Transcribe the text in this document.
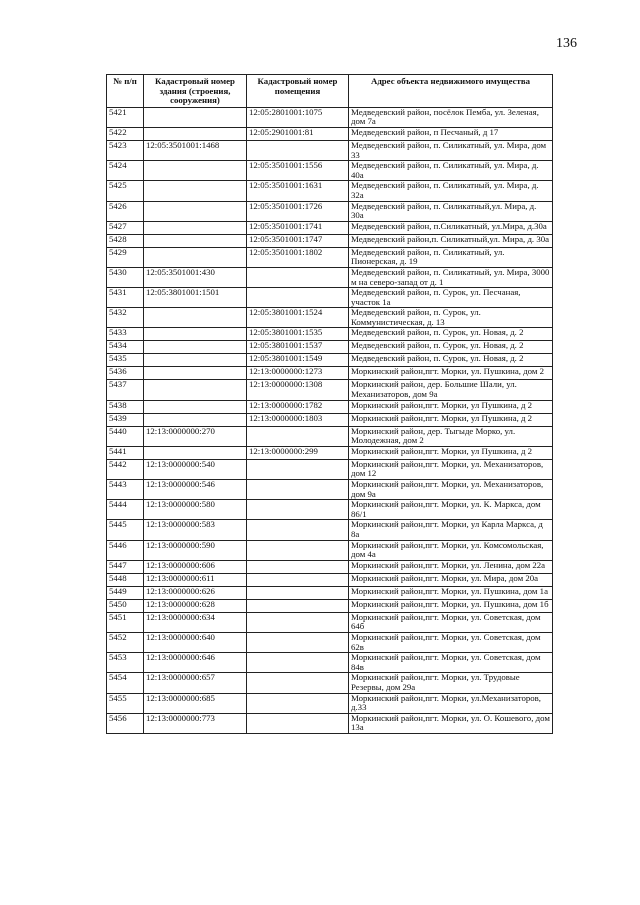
136
№ п/п	Кадастровый номер здания (строения, сооружения)	Кадастровый номер помещения	Адрес объекта недвижимого имущества
5421		12:05:2801001:1075	Медведевский район, посёлок Пемба, ул. Зеленая, дом 7а
5422		12:05:2901001:81	Медведевский район, п Песчаный, д 17
5423	12:05:3501001:1468		Медведевский район, п. Силикатный, ул. Мира, дом 33
5424		12:05:3501001:1556	Медведевский район, п. Силикатный, ул. Мира, д. 40а
5425		12:05:3501001:1631	Медведевский район, п. Силикатный, ул. Мира, д. 32а
5426		12:05:3501001:1726	Медведевский район, п. Силикатный,ул. Мира, д. 30а
5427		12:05:3501001:1741	Медведевский район, п.Силикатный, ул.Мира, д.30а
5428		12:05:3501001:1747	Медведевский район,п. Силикатный,ул. Мира, д. 30а
5429		12:05:3501001:1802	Медведевский район, п. Силикатный, ул. Пионерская, д. 19
5430	12:05:3501001:430		Медведевский район, п. Силикатный, ул. Мира, 3000 м на северо-запад от д. 1
5431	12:05:3801001:1501		Медведевский район, п. Сурок, ул. Песчаная, участок 1а
5432		12:05:3801001:1524	Медведевский район, п. Сурок, ул. Коммунистическая, д. 13
5433		12:05:3801001:1535	Медведевский район, п. Сурок, ул. Новая, д. 2
5434		12:05:3801001:1537	Медведевский район, п. Сурок, ул. Новая, д. 2
5435		12:05:3801001:1549	Медведевский район, п. Сурок, ул. Новая, д. 2
5436		12:13:0000000:1273	Моркинский район,пгт. Морки, ул. Пушкина, дом 2
5437		12:13:0000000:1308	Моркинский район, дер. Большие Шали, ул. Механизаторов, дом 9а
5438		12:13:0000000:1782	Моркинский район,пгт. Морки, ул Пушкина, д 2
5439		12:13:0000000:1803	Моркинский район,пгт. Морки, ул Пушкина, д 2
5440	12:13:0000000:270		Моркинский район, дер. Тыгыде Морко, ул. Молодежная, дом 2
5441		12:13:0000000:299	Моркинский район,пгт. Морки, ул Пушкина, д 2
5442	12:13:0000000:540		Моркинский район,пгт. Морки, ул. Механизаторов, дом 12
5443	12:13:0000000:546		Моркинский район,пгт. Морки, ул. Механизаторов, дом 9а
5444	12:13:0000000:580		Моркинский район,пгт. Морки, ул. К. Маркса, дом 86/1
5445	12:13:0000000:583		Моркинский район,пгт. Морки, ул Карла Маркса, д 8а
5446	12:13:0000000:590		Моркинский район,пгт. Морки, ул. Комсомольская, дом 4а
5447	12:13:0000000:606		Моркинский район,пгт. Морки, ул. Ленина, дом 22а
5448	12:13:0000000:611		Моркинский район,пгт. Морки, ул. Мира, дом 20а
5449	12:13:0000000:626		Моркинский район,пгт. Морки, ул. Пушкина, дом 1а
5450	12:13:0000000:628		Моркинский район,пгт. Морки, ул. Пушкина, дом 1б
5451	12:13:0000000:634		Моркинский район,пгт. Морки, ул. Советская, дом 64б
5452	12:13:0000000:640		Моркинский район,пгт. Морки, ул. Советская, дом 62в
5453	12:13:0000000:646		Моркинский район,пгт. Морки, ул. Советская, дом 84в
5454	12:13:0000000:657		Моркинский район,пгт. Морки, ул. Трудовые Резервы, дом 29а
5455	12:13:0000000:685		Моркинский район,пгт. Морки, ул.Механизаторов, д.33
5456	12:13:0000000:773		Моркинский район,пгт. Морки, ул. О. Кошевого, дом 13а
